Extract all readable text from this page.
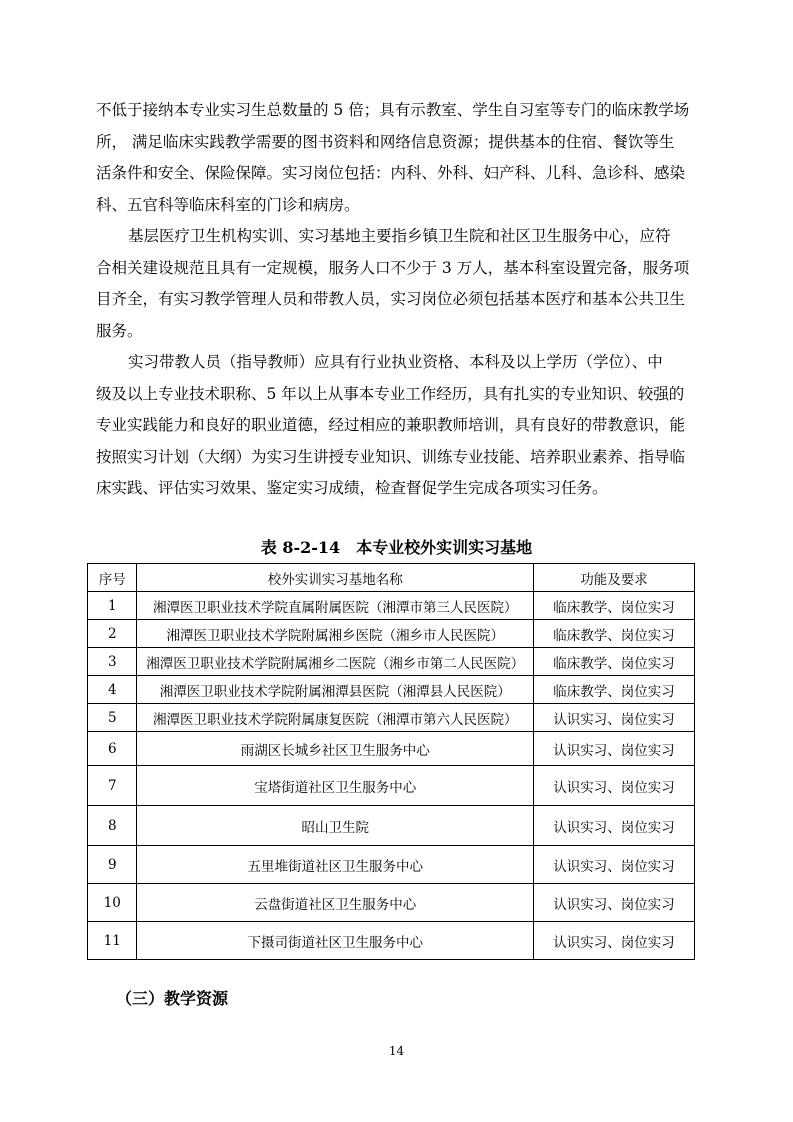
不低于接纳本专业实习生总数量的 5 倍；具有示教室、学生自习室等专门的临床教学场
所， 满足临床实践教学需要的图书资料和网络信息资源；提供基本的住宿、餐饮等生
活条件和安全、保险保障。实习岗位包括：内科、外科、妇产科、儿科、急诊科、感染
科、五官科等临床科室的门诊和病房。
基层医疗卫生机构实训、实习基地主要指乡镇卫生院和社区卫生服务中心，应符
合相关建设规范且具有一定规模，服务人口不少于 3 万人，基本科室设置完备，服务项
目齐全，有实习教学管理人员和带教人员，实习岗位必须包括基本医疗和基本公共卫生
服务。
实习带教人员（指导教师）应具有行业执业资格、本科及以上学历（学位）、中
级及以上专业技术职称、5 年以上从事本专业工作经历，具有扎实的专业知识、较强的
专业实践能力和良好的职业道德，经过相应的兼职教师培训，具有良好的带教意识，能
按照实习计划（大纲）为实习生讲授专业知识、训练专业技能、培养职业素养、指导临
床实践、评估实习效果、鉴定实习成绩，检查督促学生完成各项实习任务。
表 8-2-14　本专业校外实训实习基地
序号	校外实训实习基地名称	功能及要求
1	湘潭医卫职业技术学院直属附属医院（湘潭市第三人民医院）	临床教学、岗位实习
2	湘潭医卫职业技术学院附属湘乡医院（湘乡市人民医院）	临床教学、岗位实习
3	湘潭医卫职业技术学院附属湘乡二医院（湘乡市第二人民医院）	临床教学、岗位实习
4	湘潭医卫职业技术学院附属湘潭县医院（湘潭县人民医院）	临床教学、岗位实习
5	湘潭医卫职业技术学院附属康复医院（湘潭市第六人民医院）	认识实习、岗位实习
6	雨湖区长城乡社区卫生服务中心	认识实习、岗位实习
7	宝塔街道社区卫生服务中心	认识实习、岗位实习
8	昭山卫生院	认识实习、岗位实习
9	五里堆街道社区卫生服务中心	认识实习、岗位实习
10	云盘街道社区卫生服务中心	认识实习、岗位实习
11	下摄司街道社区卫生服务中心	认识实习、岗位实习
（三）教学资源
14
